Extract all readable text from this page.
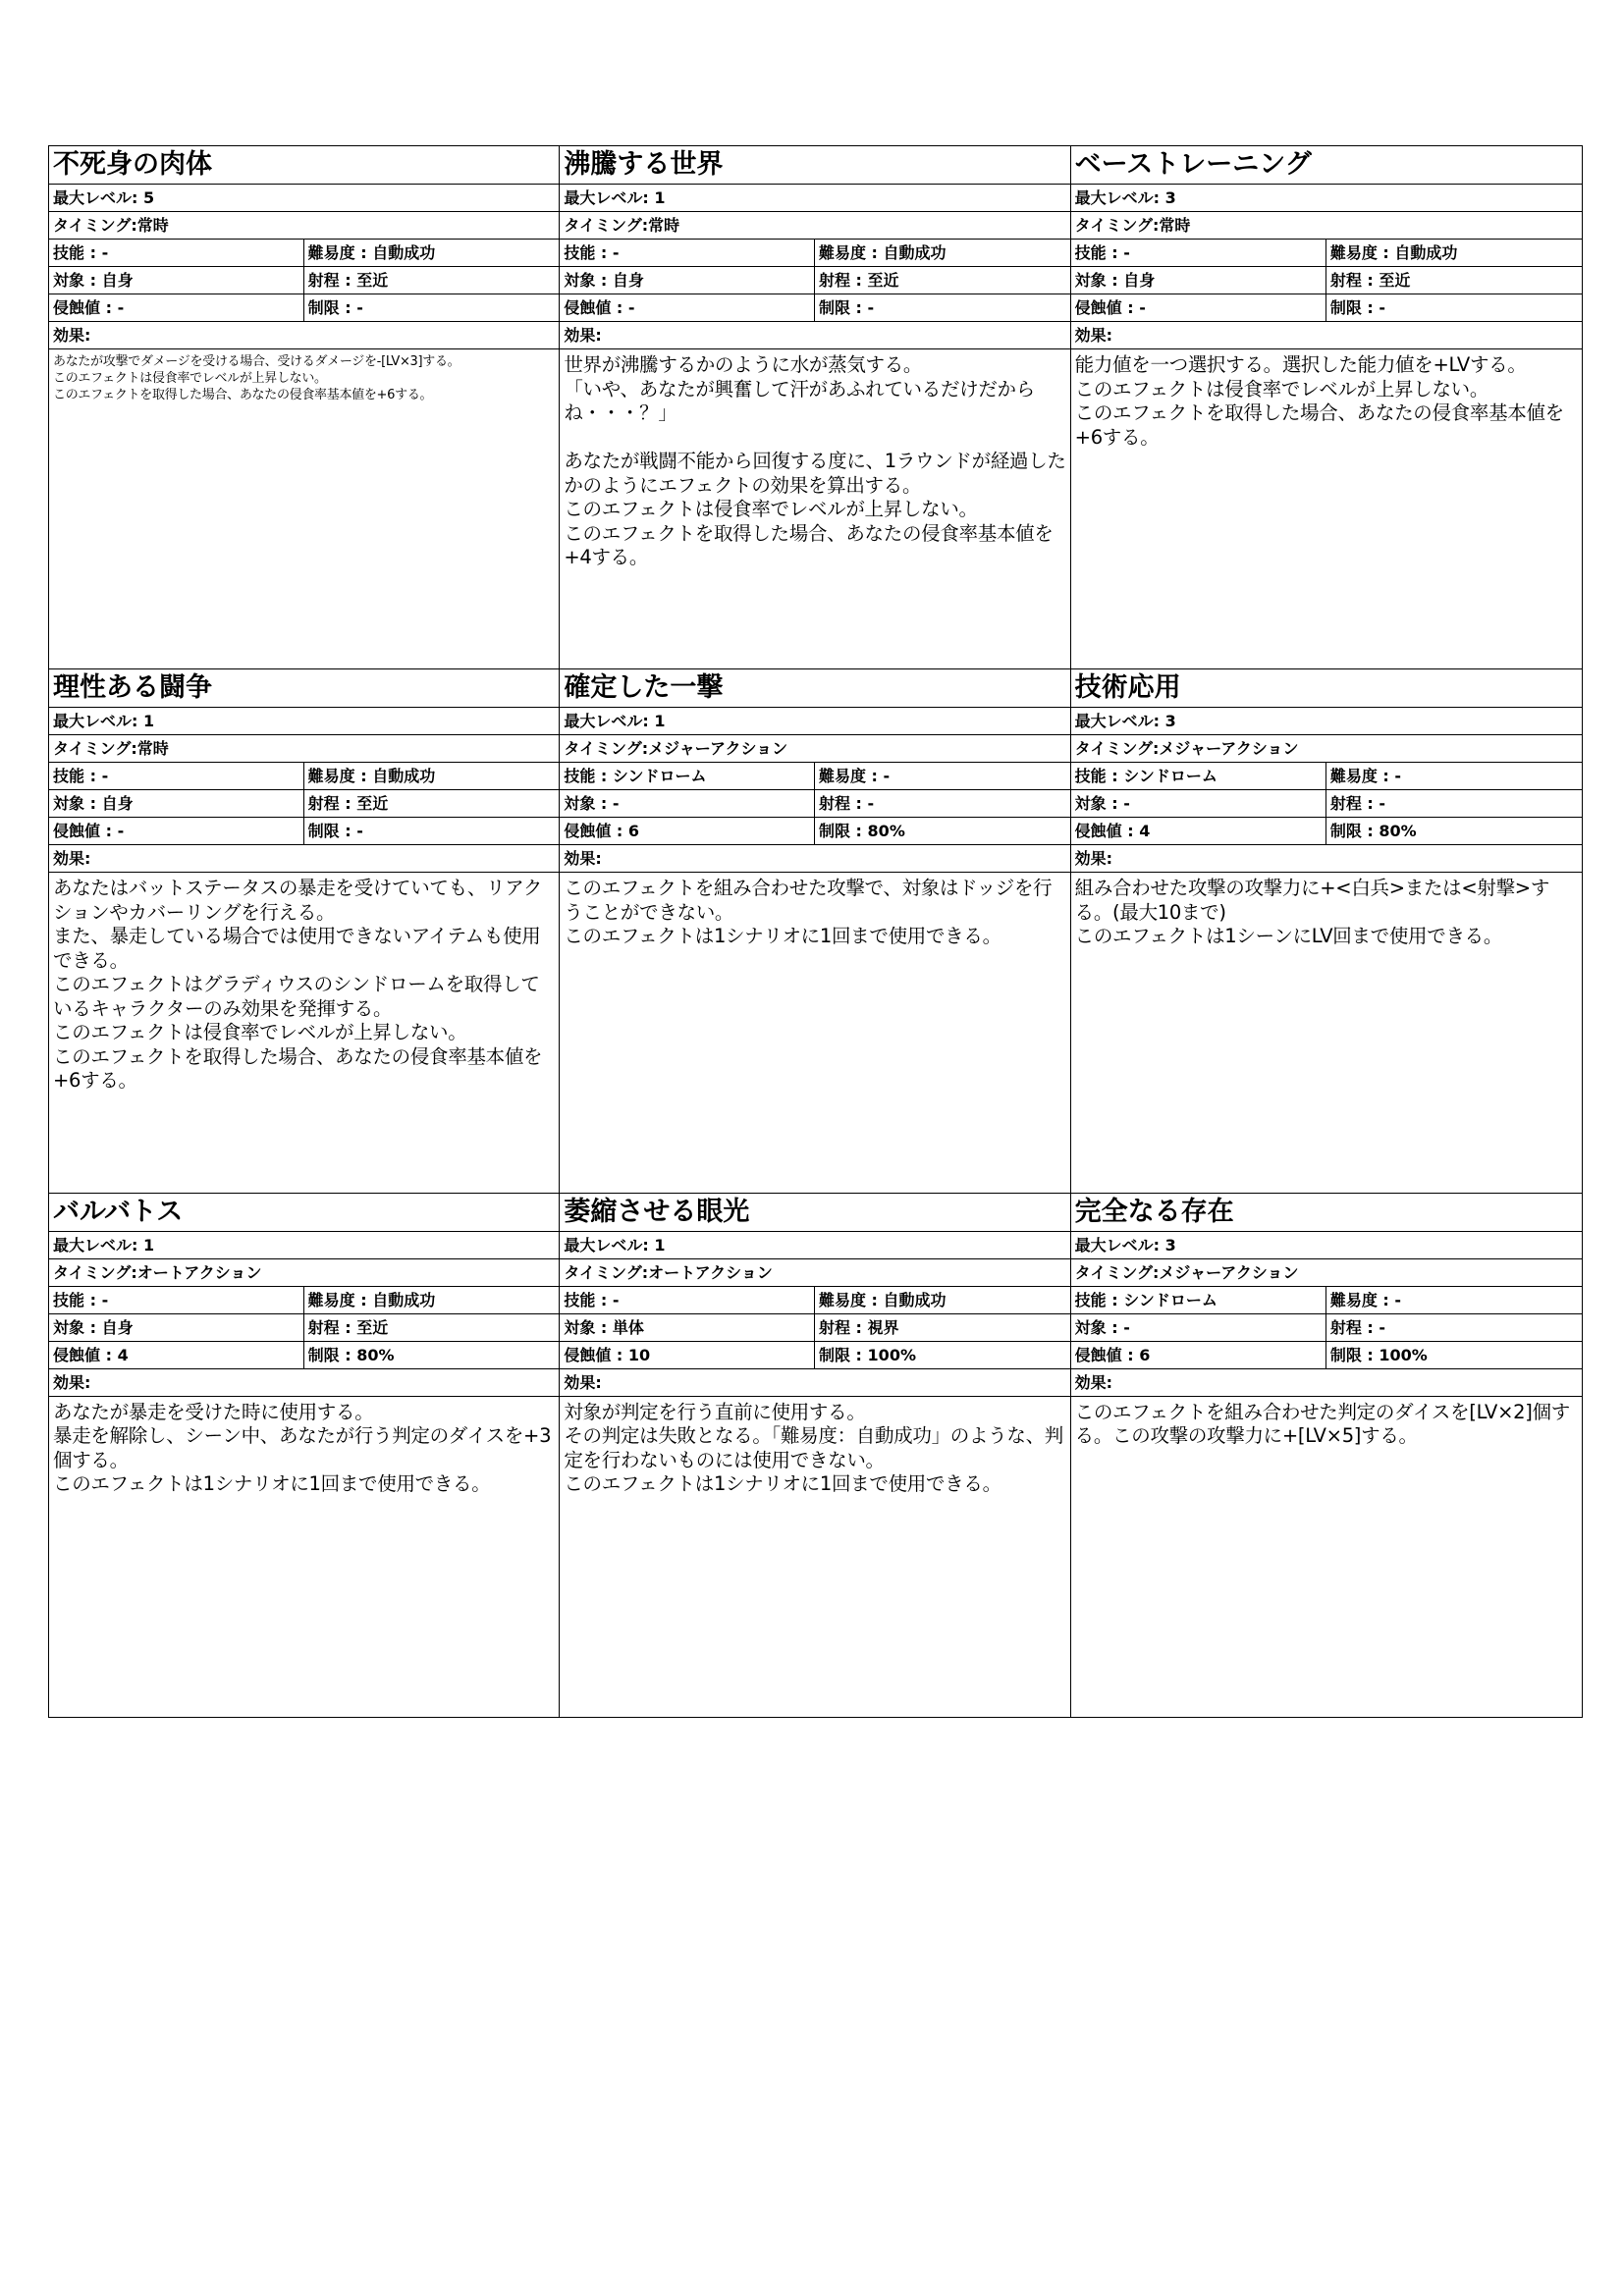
不死身の肉体
最大レベル: 5
タイミング:常時
技能 : -	難易度 : 自動成功
対象 : 自身	射程 : 至近
侵蝕値 : -	制限 : -
効果:
あなたが攻撃でダメージを受ける場合、受けるダメージを-[LV×3]する。
このエフェクトは侵食率でレベルが上昇しない。
このエフェクトを取得した場合、あなたの侵食率基本値を+6する。
沸騰する世界
最大レベル: 1
タイミング:常時
技能 : -	難易度 : 自動成功
対象 : 自身	射程 : 至近
侵蝕値 : -	制限 : -
効果:
世界が沸騰するかのように水が蒸気する。
「いや、あなたが興奮して汗があふれているだけだからね・・・？」

あなたが戦闘不能から回復する度に、1ラウンドが経過したかのようにエフェクトの効果を算出する。
このエフェクトは侵食率でレベルが上昇しない。
このエフェクトを取得した場合、あなたの侵食率基本値を+4する。
ベーストレーニング
最大レベル: 3
タイミング:常時
技能 : -	難易度 : 自動成功
対象 : 自身	射程 : 至近
侵蝕値 : -	制限 : -
効果:
能力値を一つ選択する。選択した能力値を+LVする。
このエフェクトは侵食率でレベルが上昇しない。
このエフェクトを取得した場合、あなたの侵食率基本値を+6する。
理性ある闘争
最大レベル: 1
タイミング:常時
技能 : -	難易度 : 自動成功
対象 : 自身	射程 : 至近
侵蝕値 : -	制限 : -
効果:
あなたはバットステータスの暴走を受けていても、リアクションやカバーリングを行える。
また、暴走している場合では使用できないアイテムも使用できる。
このエフェクトはグラディウスのシンドロームを取得しているキャラクターのみ効果を発揮する。
このエフェクトは侵食率でレベルが上昇しない。
このエフェクトを取得した場合、あなたの侵食率基本値を+6する。
確定した一撃
最大レベル: 1
タイミング:メジャーアクション
技能 : シンドローム	難易度 : -
対象 : -	射程 : -
侵蝕値 : 6	制限 : 80%
効果:
このエフェクトを組み合わせた攻撃で、対象はドッジを行うことができない。
このエフェクトは1シナリオに1回まで使用できる。
技術応用
最大レベル: 3
タイミング:メジャーアクション
技能 : シンドローム	難易度 : -
対象 : -	射程 : -
侵蝕値 : 4	制限 : 80%
効果:
組み合わせた攻撃の攻撃力に+<白兵>または<射撃>する。(最大10まで)
このエフェクトは1シーンにLV回まで使用できる。
バルバトス
最大レベル: 1
タイミング:オートアクション
技能 : -	難易度 : 自動成功
対象 : 自身	射程 : 至近
侵蝕値 : 4	制限 : 80%
効果:
あなたが暴走を受けた時に使用する。
暴走を解除し、シーン中、あなたが行う判定のダイスを+3個する。
このエフェクトは1シナリオに1回まで使用できる。
萎縮させる眼光
最大レベル: 1
タイミング:オートアクション
技能 : -	難易度 : 自動成功
対象 : 単体	射程 : 視界
侵蝕値 : 10	制限 : 100%
効果:
対象が判定を行う直前に使用する。
その判定は失敗となる。「難易度：自動成功」のような、判定を行わないものには使用できない。
このエフェクトは1シナリオに1回まで使用できる。
完全なる存在
最大レベル: 3
タイミング:メジャーアクション
技能 : シンドローム	難易度 : -
対象 : -	射程 : -
侵蝕値 : 6	制限 : 100%
効果:
このエフェクトを組み合わせた判定のダイスを[LV×2]個する。この攻撃の攻撃力に+[LV×5]する。
